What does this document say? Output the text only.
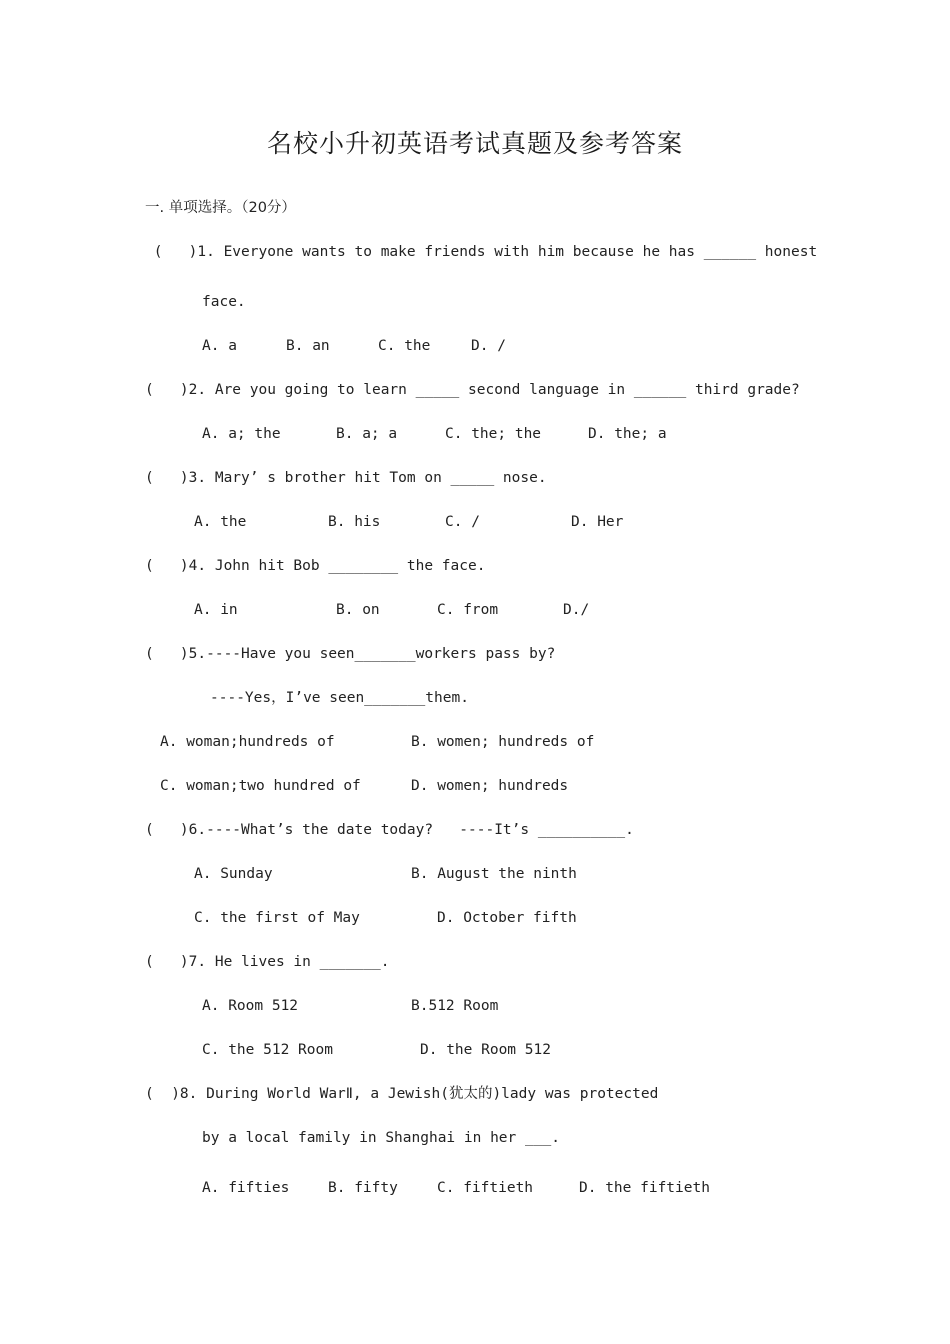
名校小升初英语考试真题及参考答案
一. 单项选择。（20分）
(   )1. Everyone wants to make friends with him because he has ______ honest
face.
A. a	B. an	C. the	D. /
(   )2. Are you going to learn _____ second language in ______ third grade?
A. a; the	B. a; a	C. the; the	D. the; a
(   )3. Mary’ s brother hit Tom on _____ nose.
A. the	B. his	C. /	D. Her
(   )4. John hit Bob ________ the face.
A. in	B. on	C. from	D./
(   )5.----Have you seen_______workers pass by?
----Yes，I’ve seen_______them.
A. woman;hundreds of	B. women; hundreds of
C. woman;two hundred of	D. women; hundreds
(   )6.----What’s the date today?   ----It’s __________.
A. Sunday	B. August the ninth
C. the first of May	D. October fifth
(   )7. He lives in _______.
A. Room 512	B.512 Room
C. the 512 Room	D. the Room 512
(  )8. During World WarⅡ, a Jewish(犹太的)lady was protected
by a local family in Shanghai in her ___.
A. fifties	B. fifty	C. fiftieth	D. the fiftieth
